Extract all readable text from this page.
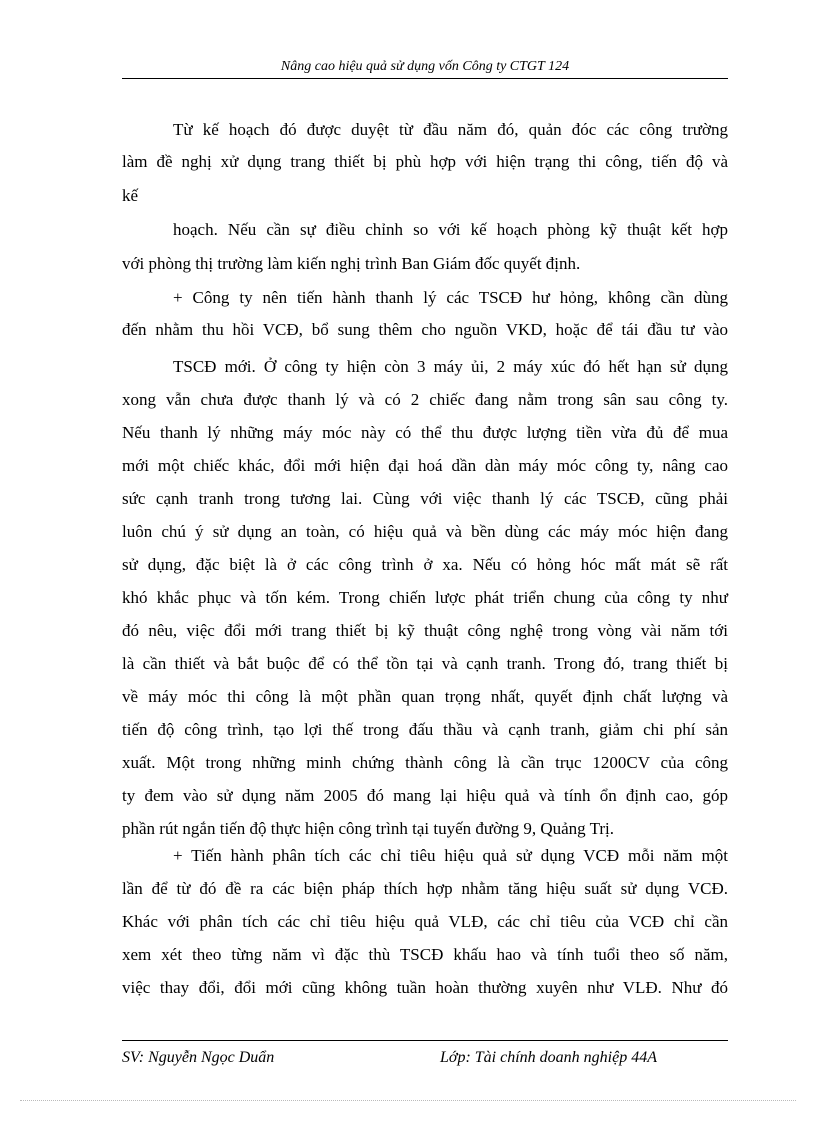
Nâng cao hiệu quả sử dụng vốn Công ty CTGT 124
Từ kế hoạch đó được duyệt từ đầu năm đó, quản đóc các công trường
làm đề nghị xử dụng trang thiết bị phù hợp với hiện trạng thi công, tiến độ và
kế
hoạch. Nếu cần sự điều chỉnh so với kế hoạch phòng kỹ thuật kết hợp
với phòng thị trường làm kiến nghị trình Ban Giám đốc quyết định.
+ Công ty nên tiến hành thanh lý các TSCĐ hư hỏng, không cần dùng
đến nhằm thu hồi VCĐ, bổ sung thêm cho nguồn VKD, hoặc để tái đầu tư vào
TSCĐ mới. Ở công ty hiện còn 3 máy ủi, 2 máy xúc đó hết hạn sử dụng
xong vẫn chưa được thanh lý và có 2 chiếc đang nằm trong sân sau công ty.
Nếu thanh lý những máy móc này có thể thu được lượng tiền vừa đủ để mua
mới một chiếc khác, đổi mới hiện đại hoá dần dàn máy móc công ty, nâng cao
sức cạnh tranh trong tương lai. Cùng với việc thanh lý các TSCĐ, cũng phải
luôn chú ý sử dụng an toàn, có hiệu quả và bền dùng các máy móc hiện đang
sử dụng, đặc biệt là ở các công trình ở xa. Nếu có hỏng hóc mất mát sẽ rất
khó khắc phục và tốn kém. Trong chiến lược phát triển chung của công ty như
đó nêu, việc đổi mới trang thiết bị kỹ thuật công nghệ trong vòng vài năm tới
là cần thiết và bắt buộc để có thể tồn tại và cạnh tranh. Trong đó, trang thiết bị
về máy móc thi công là một phần quan trọng nhất, quyết định chất lượng và
tiến độ công trình, tạo lợi thế trong đấu thầu và cạnh tranh, giảm chi phí sản
xuất. Một trong những minh chứng thành công là cần trục 1200CV của công
ty đem vào sử dụng năm 2005 đó mang lại hiệu quả và tính ổn định cao, góp
phần rút ngắn tiến độ thực hiện công trình tại tuyến đường 9, Quảng Trị.
+ Tiến hành phân tích các chỉ tiêu hiệu quả sử dụng VCĐ mỗi năm một
lần để từ đó đề ra các biện pháp thích hợp nhằm tăng hiệu suất sử dụng VCĐ.
Khác với phân tích các chỉ tiêu hiệu quả VLĐ, các chỉ tiêu của VCĐ chỉ cần
xem xét theo từng năm vì đặc thù TSCĐ khấu hao và tính tuổi theo số năm,
việc thay đổi, đổi mới cũng không tuần hoàn thường xuyên như VLĐ. Như đó
SV: Nguyễn Ngọc Duẩn	Lớp: Tài chính doanh nghiệp 44A
